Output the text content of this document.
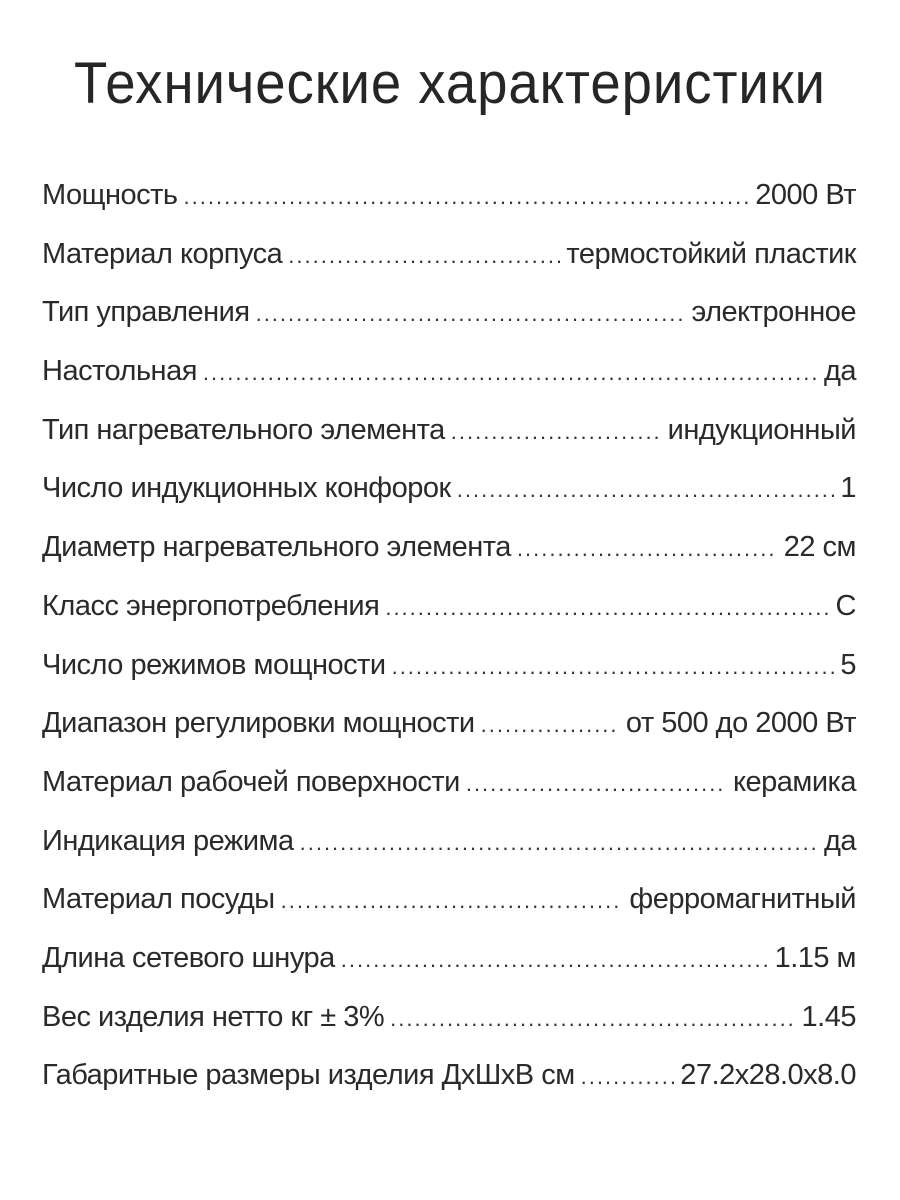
Технические характеристики
Мощность .....	2000 Вт
Материал корпуса .....	термостойкий пластик
Тип управления .....	электронное
Настольная .....	да
Тип нагревательного элемента .....	индукционный
Число индукционных конфорок .....	1
Диаметр нагревательного элемента .....	22 см
Класс энергопотребления .....	С
Число режимов мощности .....	5
Диапазон регулировки мощности .....	от 500 до 2000 Вт
Материал рабочей поверхности .....	керамика
Индикация режима .....	да
Материал посуды .....	ферромагнитный
Длина сетевого шнура .....	1.15 м
Вес изделия нетто кг ± 3% .....	1.45
Габаритные размеры изделия ДхШхВ см .....	27.2x28.0x8.0
